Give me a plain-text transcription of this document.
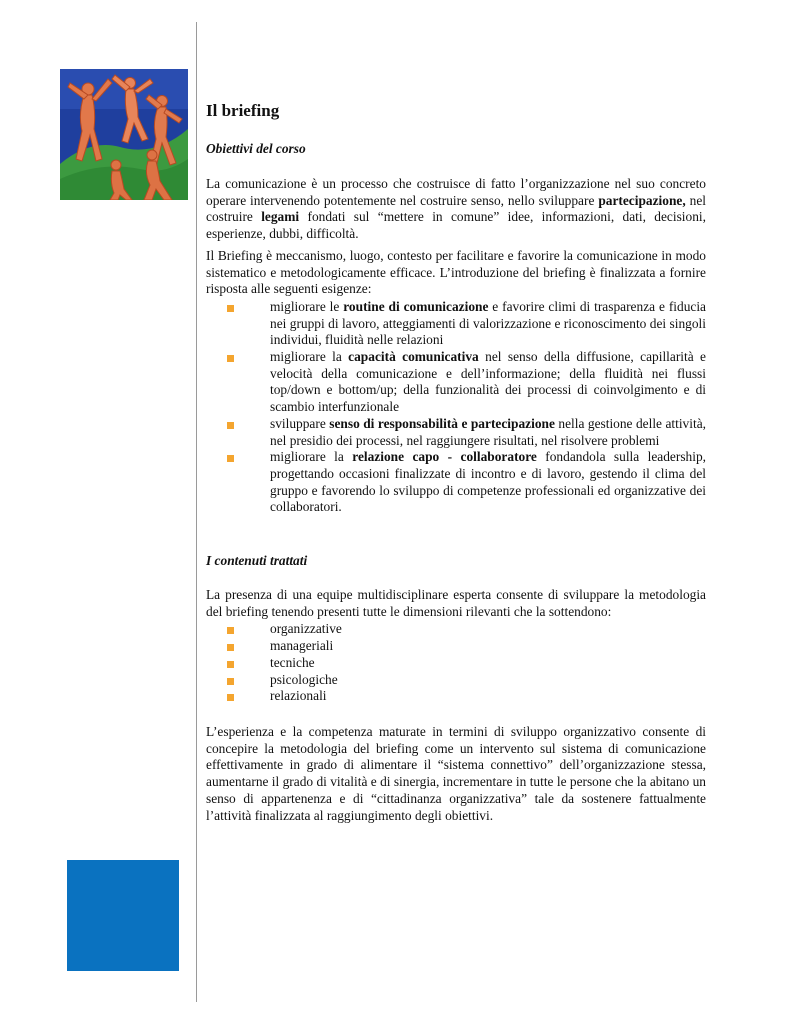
Il briefing
Obiettivi del corso

La comunicazione è un processo che costruisce di fatto l’organizzazione nel suo concreto operare intervenendo potentemente nel costruire senso, nello sviluppare partecipazione, nel costruire legami fondati sul “mettere in comune” idee, informazioni, dati, decisioni, esperienze, dubbi, difficoltà.

Il Briefing è meccanismo, luogo, contesto per facilitare e favorire la comunicazione in modo sistematico e metodologicamente efficace. L’introduzione del briefing è finalizzata a fornire risposta alle seguenti esigenze:

migliorare le routine di comunicazione e favorire climi di trasparenza e fiducia nei gruppi di lavoro, atteggiamenti di valorizzazione e riconoscimento dei singoli individui, fluidità nelle relazioni
migliorare la capacità comunicativa nel senso della diffusione, capillarità e velocità della comunicazione e dell’informazione; della fluidità nei flussi top/down e bottom/up; della funzionalità dei processi di coinvolgimento e di scambio interfunzionale
sviluppare senso di responsabilità e partecipazione nella gestione delle attività, nel presidio dei processi, nel raggiungere risultati, nel risolvere problemi
migliorare la relazione capo - collaboratore fondandola sulla leadership, progettando occasioni finalizzate di incontro e di lavoro, gestendo il clima del gruppo e favorendo lo sviluppo di competenze professionali ed organizzative dei collaboratori.
I contenuti trattati

La presenza di una equipe multidisciplinare esperta consente di sviluppare la metodologia del briefing tenendo presenti tutte le dimensioni rilevanti che la sottendono:

organizzative
manageriali
tecniche
psicologiche
relazionali

L’esperienza e la competenza maturate in termini di sviluppo organizzativo consente di concepire la metodologia del briefing come un intervento sul sistema di comunicazione effettivamente in grado di alimentare il “sistema connettivo” dell’organizzazione stessa, aumentarne il grado di vitalità e di sinergia, incrementare in tutte le persone che la abitano un senso di appartenenza e di “cittadinanza organizzativa” tale da sostenere fattualmente l’attività finalizzata al raggiungimento degli obiettivi.
